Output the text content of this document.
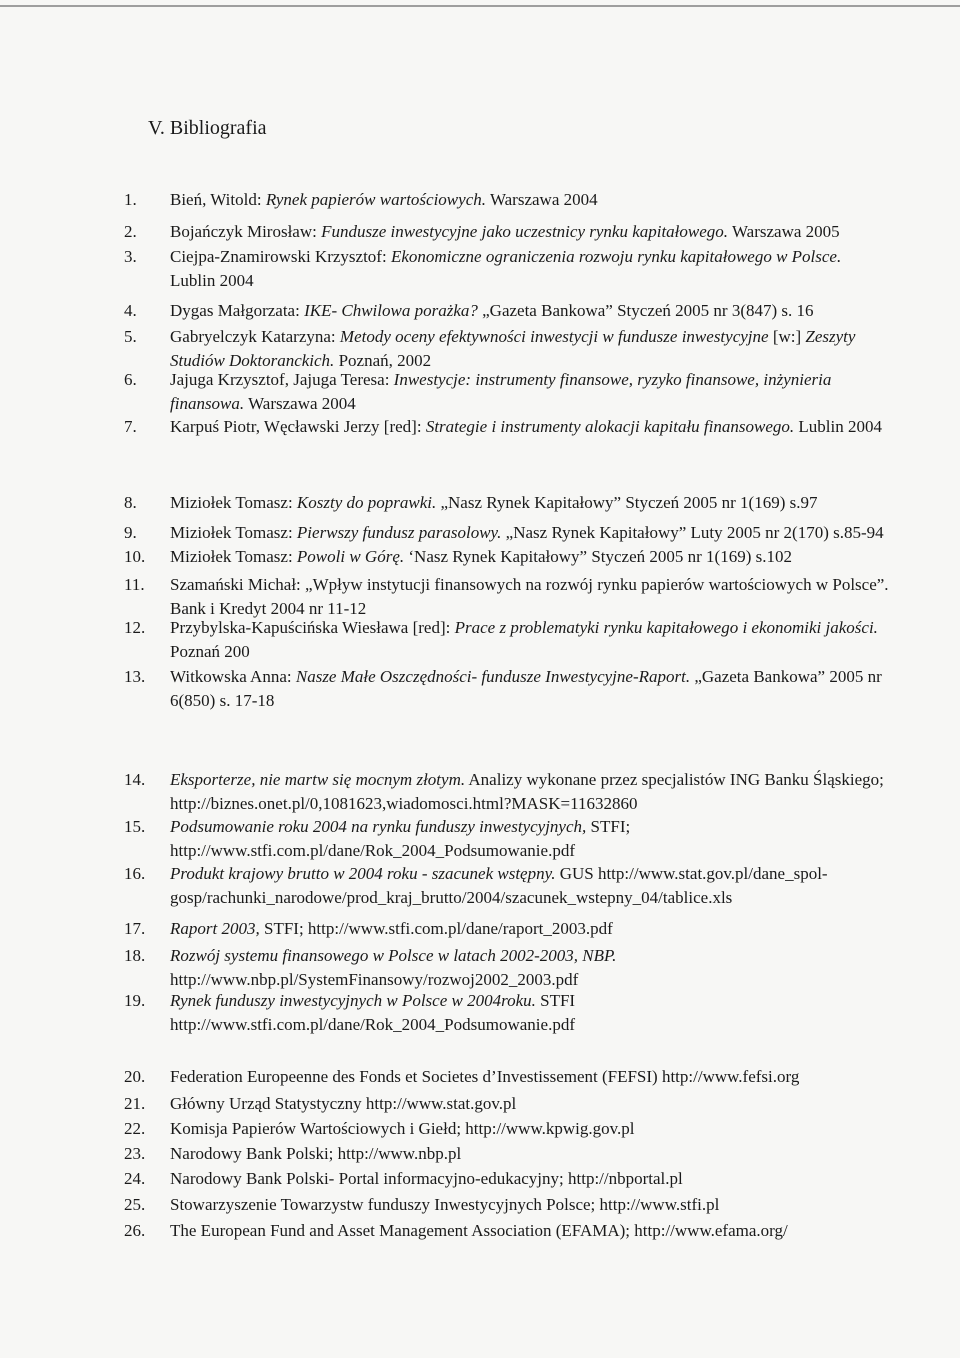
V. Bibliografia
1.	Bień, Witold: Rynek papierów wartościowych. Warszawa 2004
2.	Bojańczyk Mirosław: Fundusze inwestycyjne jako uczestnicy rynku kapitałowego. Warszawa 2005
3.	Ciejpa-Znamirowski Krzysztof: Ekonomiczne ograniczenia rozwoju rynku kapitałowego w Polsce. Lublin 2004
4.	Dygas Małgorzata: IKE- Chwilowa porażka? „Gazeta Bankowa” Styczeń 2005 nr 3(847) s. 16
5.	Gabryelczyk Katarzyna: Metody oceny efektywności inwestycji w fundusze inwestycyjne [w:] Zeszyty Studiów Doktoranckich. Poznań, 2002
6.	Jajuga Krzysztof, Jajuga Teresa: Inwestycje: instrumenty finansowe, ryzyko finansowe, inżynieria finansowa. Warszawa 2004
7.	Karpuś Piotr, Węcławski Jerzy [red]: Strategie i instrumenty alokacji kapitału finansowego. Lublin 2004
8.	Miziołek Tomasz: Koszty do poprawki. „Nasz Rynek Kapitałowy” Styczeń 2005 nr 1(169) s.97
9.	Miziołek Tomasz: Pierwszy fundusz parasolowy. „Nasz Rynek Kapitałowy” Luty 2005 nr 2(170) s.85-94
10.	Miziołek Tomasz: Powoli w Górę. ‘Nasz Rynek Kapitałowy” Styczeń 2005 nr 1(169) s.102
11.	Szamański Michał: „Wpływ instytucji finansowych na rozwój rynku papierów wartościowych w Polsce”. Bank i Kredyt 2004 nr 11-12
12.	Przybylska-Kapuścińska Wiesława [red]: Prace z problematyki rynku kapitałowego i ekonomiki jakości. Poznań 200
13.	Witkowska Anna: Nasze Małe Oszczędności- fundusze Inwestycyjne-Raport. „Gazeta Bankowa” 2005 nr 6(850) s. 17-18
14.	Eksporterze, nie martw się mocnym złotym. Analizy wykonane przez specjalistów ING Banku Śląskiego; http://biznes.onet.pl/0,1081623,wiadomosci.html?MASK=11632860
15.	Podsumowanie roku 2004 na rynku funduszy inwestycyjnych, STFI; http://www.stfi.com.pl/dane/Rok_2004_Podsumowanie.pdf
16.	Produkt krajowy brutto w 2004 roku - szacunek wstępny. GUS http://www.stat.gov.pl/dane_spol-gosp/rachunki_narodowe/prod_kraj_brutto/2004/szacunek_wstepny_04/tablice.xls
17.	Raport 2003, STFI; http://www.stfi.com.pl/dane/raport_2003.pdf
18.	Rozwój systemu finansowego w Polsce w latach 2002-2003, NBP. http://www.nbp.pl/SystemFinansowy/rozwoj2002_2003.pdf
19.	Rynek funduszy inwestycyjnych w Polsce w 2004roku. STFI http://www.stfi.com.pl/dane/Rok_2004_Podsumowanie.pdf
20.	Federation Europeenne des Fonds et Societes d’Investissement (FEFSI) http://www.fefsi.org
21.	Główny Urząd Statystyczny http://www.stat.gov.pl
22.	Komisja Papierów Wartościowych i Giełd; http://www.kpwig.gov.pl
23.	Narodowy Bank Polski; http://www.nbp.pl
24.	Narodowy Bank Polski- Portal informacyjno-edukacyjny; http://nbportal.pl
25.	Stowarzyszenie Towarzystw funduszy Inwestycyjnych Polsce; http://www.stfi.pl
26.	The European Fund and Asset Management Association (EFAMA); http://www.efama.org/
